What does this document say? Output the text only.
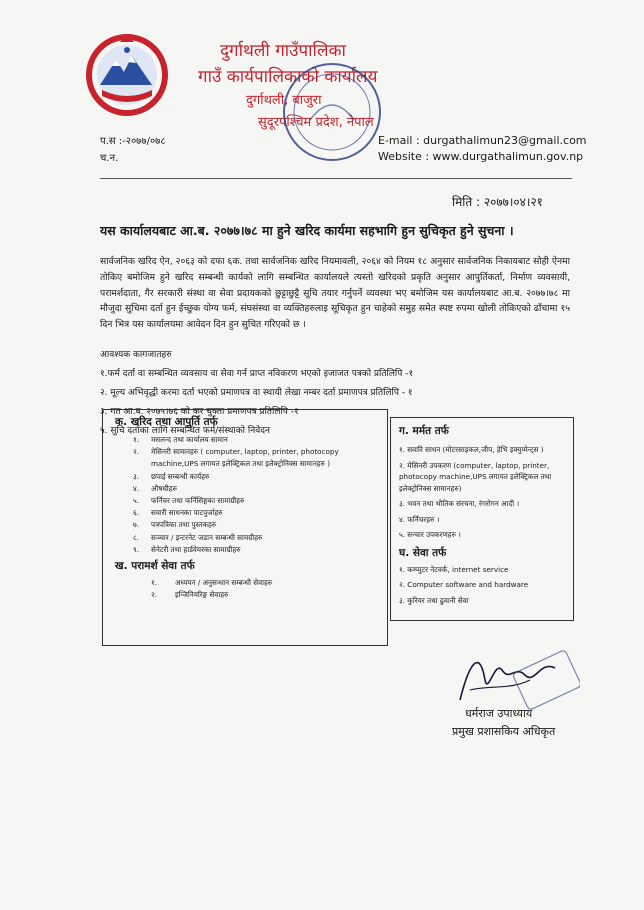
दुर्गाथली गाउँपालिका
गाउँ कार्यपालिकाको कार्यालय
दुर्गाथली, बाजुरा
सुदूरपश्चिम प्रदेश, नेपाल
E-mail : durgathalimun23@gmail.com
Website : www.durgathalimun.gov.np
प.स :-२०७७/०७८
च.न.
मिति : २०७७।०४।२१
यस कार्यालयबाट आ.ब. २०७७।७८ मा हुने खरिद कार्यमा सहभागि हुन सुचिकृत हुने सुचना ।
सार्वजनिक खरिद ऐन, २०६३ को दफा ६क. तथा सार्वजनिक खरिद नियमावली, २०६४ को नियम १८ अनुसार सार्वजनिक निकायबाट सोही ऐनमा तोकिए बमोजिम हुने खरिद सम्बन्धी कार्यको लागि सम्बन्धित कार्यालयले त्यस्तो खरिदको प्रकृति अनुसार आपुर्तिकर्ता, निर्माण व्यवसायी, परामर्शदाता, गैर सरकारी संस्था वा सेवा प्रदायकको छुट्टाछुट्टै सूचि तयार गर्नुपर्ने व्यवस्था भए बमोजिम यस कार्यालयबाट आ.ब. २०७७।७८ मा मौजुदा सुचिमा दर्ता हुन ईच्छुक योग्य फर्म, संघसंस्था वा व्यक्तिहरुलाइ सूचिकृत हुन चाहेको समुह समेत स्पष्ट रुपमा खोली तोकिएको ढाँचामा १५ दिन भित्र यस कार्यालयमा आवेदन दिन हुन सुचित गरिएको छ ।
आवश्यक कागजातहरु
१.फर्म दर्ता वा सम्बन्धित व्यवसाय वा सेवा गर्न प्राप्त नविकरण भएको इजाजत पत्रको प्रतिलिपि -१
२. मूल्य अभिवृद्धी करमा दर्ता भएको प्रमाणपत्र वा स्थायी लेखा नम्बर दर्ता प्रमाणपत्र प्रतिलिपि - १
३. गत आ.ब. २०७५।७६ को कर चुक्ता प्रमाणपत्र प्रतिलिपि -१
५. सुचि दर्ताका लागि सम्बन्धित फर्म/संस्थाको निवेदन
क. खरिद तथा आपुर्ति तर्फ
१.	मसलन्द तथा कार्यालय सामान
२.	मेसिनरी सामानहरु ( computer, laptop, printer, photocopy
machine,UPS लगायत इलेक्ट्रिकल तथा इलेक्ट्रोनिक्स सामानहरु )
३.	छपाई सम्बन्धी कार्यहरु
४.	औषधीहरु
५.	फर्निचर तथा फर्निसिङ्गका सामाग्रीहरु
६.	सवारी साधनका पाटपुर्जाहरु
७.	पत्रपत्रिका तथा पुस्तकहरु
८.	सञ्चार / इन्टरनेट जडान सम्बन्धी सामग्रीहरु
९.	सेनेटरी तथा हार्डवेयरका सामाग्रीहरु
ख. परामर्श सेवा तर्फ
१.	अध्ययन / अनुसन्धान सम्बन्धी सेवाहरु
२.	इन्जिनियरिङ्ग सेवाहरु
ग. मर्मत तर्फ
१. सवारि साधन (मोटरसाइकल,जीप, हेभि इक्युप्मेन्ट्स )
२. मेसिनरी उपकरण (computer, laptop, printer, photocopy machine,UPS लगायत इलेक्ट्रिकल तथा इलेक्ट्रोनिक्स सामानहरु)
३. भवन तथा भौतिक संरचना, रंगरोगन आदी ।
४. फर्निचरहरु ।
५. सन्चार उपकरणहरु ।
घ. सेवा तर्फ
१. कम्प्युटर नेटवर्क, internet service
२. Computer software and hardware
३. कुरियर तथा ढुवानी सेवा
धर्मराज उपाध्याय
प्रमुख प्रशासकिय अधिकृत
